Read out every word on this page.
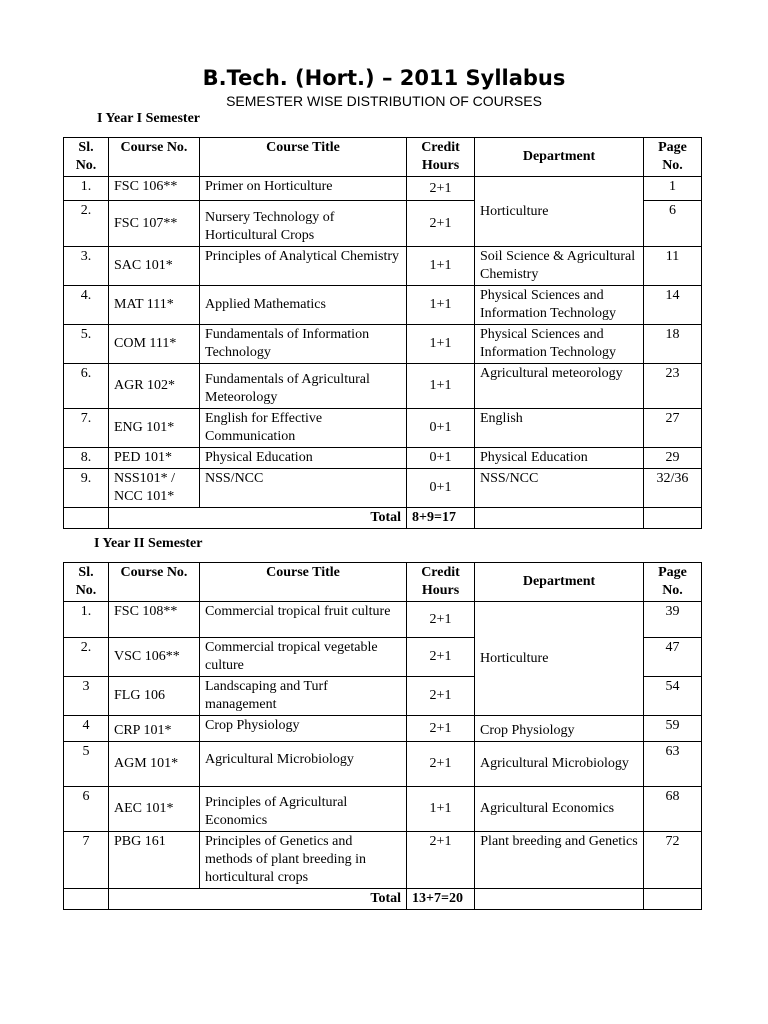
B.Tech. (Hort.) – 2011 Syllabus
SEMESTER WISE DISTRIBUTION OF COURSES
I Year I Semester
Sl. No.	Course No.	Course Title	Credit Hours	Department	Page No.
1.	FSC 106**	Primer on Horticulture	2+1	Horticulture	1
2.	FSC 107**	Nursery Technology of Horticultural Crops	2+1		6
3.	SAC 101*	Principles of Analytical Chemistry	1+1	Soil Science & Agricultural Chemistry	11
4.	MAT 111*	Applied Mathematics	1+1	Physical Sciences and Information Technology	14
5.	COM 111*	Fundamentals of Information Technology	1+1	Physical Sciences and Information Technology	18
6.	AGR 102*	Fundamentals of Agricultural Meteorology	1+1	Agricultural meteorology	23
7.	ENG 101*	English for Effective Communication	0+1	English	27
8.	PED 101*	Physical Education	0+1	Physical Education	29
9.	NSS101* / NCC 101*	NSS/NCC	0+1	NSS/NCC	32/36
	Total		8+9=17		
I Year II Semester
Sl. No.	Course No.	Course Title	Credit Hours	Department	Page No.
1.	FSC 108**	Commercial tropical fruit culture	2+1	Horticulture	39
2.	VSC 106**	Commercial tropical vegetable culture	2+1		47
3	FLG 106	Landscaping and Turf management	2+1		54
4	CRP 101*	Crop Physiology	2+1	Crop Physiology	59
5	AGM 101*	Agricultural Microbiology	2+1	Agricultural Microbiology	63
6	AEC 101*	Principles of Agricultural Economics	1+1	Agricultural Economics	68
7	PBG 161	Principles of Genetics and methods of plant breeding in horticultural crops	2+1	Plant breeding and Genetics	72
	Total		13+7=20		
